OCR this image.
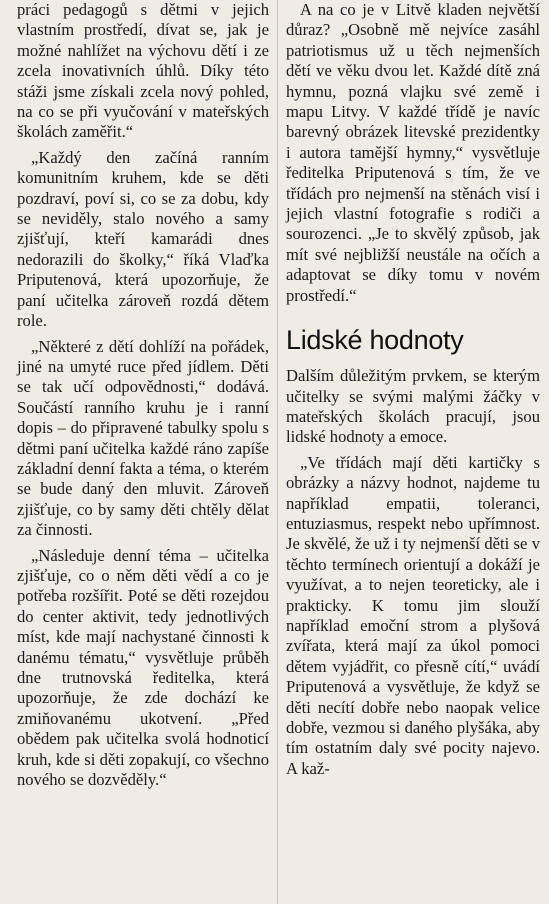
práci pedagogů s dětmi v jejich vlastním prostředí, dívat se, jak je možné nahlížet na výchovu dětí i ze zcela inovativních úhlů. Díky této stáži jsme získali zcela nový pohled, na co se při vyučování v mateřských školách zaměřit.“

„Každý den začíná ranním komunitním kruhem, kde se děti pozdraví, poví si, co se za dobu, kdy se neviděly, stalo nového a samy zjišťují, kteří kamarádi dnes nedorazili do školky,“ říká Vlaďka Priputenová, která upozorňuje, že paní učitelka zároveň rozdá dětem role.

„Některé z dětí dohlíží na pořádek, jiné na umyté ruce před jídlem. Děti se tak učí odpovědnosti,“ dodává. Součástí ranního kruhu je i ranní dopis – do připravené tabulky spolu s dětmi paní učitelka každé ráno zapíše základní denní fakta a téma, o kterém se bude daný den mluvit. Zároveň zjišťuje, co by samy děti chtěly dělat za činnosti.

„Následuje denní téma – učitelka zjišťuje, co o něm děti vědí a co je potřeba rozšířit. Poté se děti rozejdou do center aktivit, tedy jednotlivých míst, kde mají nachystané činnosti k danému tématu,“ vysvětluje průběh dne trutnovská ředitelka, která upozorňuje, že zde dochází ke zmiňovanému ukotvení. „Před obědem pak učitelka svolá hodnoticí kruh, kde si děti zopakují, co všechno nového se dozvěděly.“

A na co je v Litvě kladen největší důraz? „Osobně mě nejvíce zasáhl patriotismus už u těch nejmenších dětí ve věku dvou let. Každé dítě zná hymnu, pozná vlajku své země i mapu Litvy. V každé třídě je navíc barevný obrázek litevské prezidentky i autora tamější hymny,“ vysvětluje ředitelka Priputenová s tím, že ve třídách pro nejmenší na stěnách visí i jejich vlastní fotografie s rodiči a sourozenci. „Je to skvělý způsob, jak mít své nejbližší neustále na očích a adaptovat se díky tomu v novém prostředí.“

Lidské hodnoty

Dalším důležitým prvkem, se kterým učitelky se svými malými žáčky v mateřských školách pracují, jsou lidské hodnoty a emoce.

„Ve třídách mají děti kartičky s obrázky a názvy hodnot, najdeme tu například empatii, toleranci, entuziasmus, respekt nebo upřímnost. Je skvělé, že už i ty nejmenší děti se v těchto termínech orientují a dokáží je využívat, a to nejen teoreticky, ale i prakticky. K tomu jim slouží například emoční strom a plyšová zvířata, která mají za úkol pomoci dětem vyjádřit, co přesně cítí,“ uvádí Priputenová a vysvětluje, že když se děti necítí dobře nebo naopak velice dobře, vezmou si daného plyšáka, aby tím ostatním daly své pocity najevo. A kaž-
